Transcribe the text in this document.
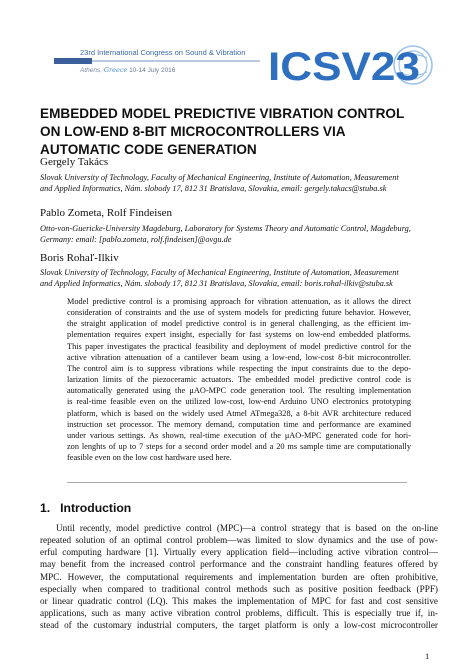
23rd International Congress on Sound & Vibration
Athens, Greece 10-14 July 2016 ICSV23
EMBEDDED MODEL PREDICTIVE VIBRATION CONTROL
ON LOW-END 8-BIT MICROCONTROLLERS VIA
AUTOMATIC CODE GENERATION
Gergely Takács
Slovak University of Technology, Faculty of Mechanical Engineering, Institute of Automation, Measurement
and Applied Informatics, Nám. slobody 17, 812 31 Bratislava, Slovakia, email: gergely.takacs@stuba.sk
Pablo Zometa, Rolf Findeisen
Otto-von-Guericke-University Magdeburg, Laboratory for Systems Theory and Automatic Control, Magdeburg,
Germany: email: [pablo.zometa, rolf.findeisen]@ovgu.de
Boris Rohaľ-Ilkiv
Slovak University of Technology, Faculty of Mechanical Engineering, Institute of Automation, Measurement
and Applied Informatics, Nám. slobody 17, 812 31 Bratislava, Slovakia, email: boris.rohal-ilkiv@stuba.sk
Model predictive control is a promising approach for vibration attenuation, as it allows the direct
consideration of constraints and the use of system models for predicting future behavior. However,
the straight application of model predictive control is in general challenging, as the efficient im-
plementation requires expert insight, especially for fast systems on low-end embedded platforms.
This paper investigates the practical feasibility and deployment of model predictive control for the
active vibration attenuation of a cantilever beam using a low-end, low-cost 8-bit microcontroller.
The control aim is to suppress vibrations while respecting the input constraints due to the depo-
larization limits of the piezoceramic actuators. The embedded model predictive control code is
automatically generated using the μAO-MPC code generation tool. The resulting implementation
is real-time feasible even on the utilized low-cost, low-end Arduino UNO electronics prototyping
platform, which is based on the widely used Atmel ATmega328, a 8-bit AVR architecture reduced
instruction set processor. The memory demand, computation time and performance are examined
under various settings. As shown, real-time execution of the μAO-MPC generated code for hori-
zon lenghts of up to 7 steps for a second order model and a 20 ms sample time are computationally
feasible even on the low cost hardware used here.
1. Introduction
Until recently, model predictive control (MPC)—a control strategy that is based on the on-line
repeated solution of an optimal control problem—was limited to slow dynamics and the use of pow-
erful computing hardware [1]. Virtually every application field—including active vibration control—
may benefit from the increased control performance and the constraint handling features offered by
MPC. However, the computational requirements and implementation burden are often prohibitive,
especially when compared to traditional control methods such as positive position feedback (PPF)
or linear quadratic control (LQ). This makes the implementation of MPC for fast and cost sensitive
applications, such as many active vibration control problems, difficult. This is especially true if, in-
stead of the customary industrial computers, the target platform is only a low-cost microcontroller
1
